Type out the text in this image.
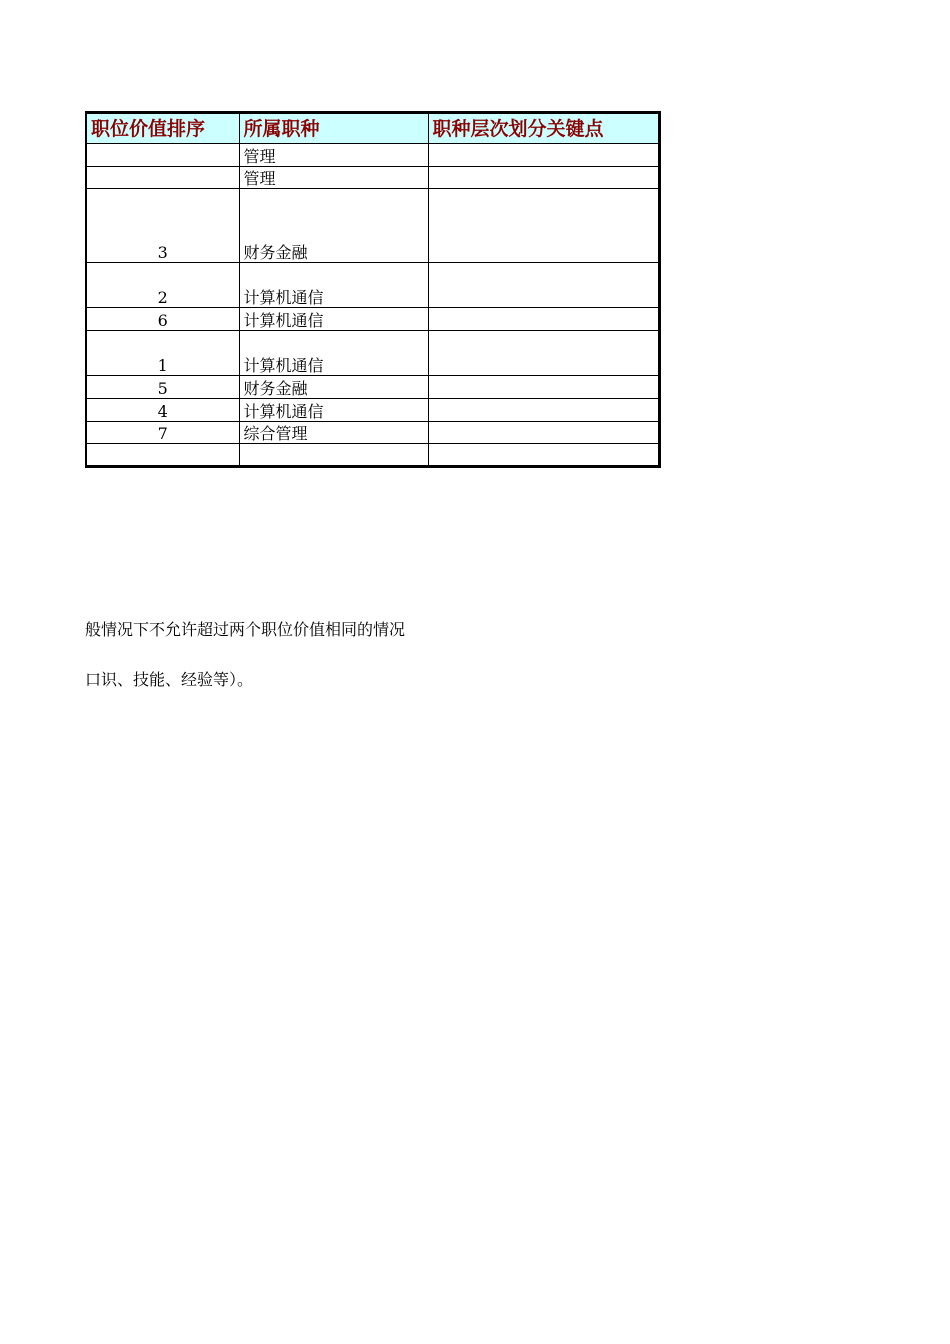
职位价值排序	所属职种	职种层次划分关键点
	管理	
	管理	
3	财务金融	
2	计算机通信	
6	计算机通信	
1	计算机通信	
5	财务金融	
4	计算机通信	
7	综合管理	

般情况下不允许超过两个职位价值相同的情况
口识、技能、经验等）。
